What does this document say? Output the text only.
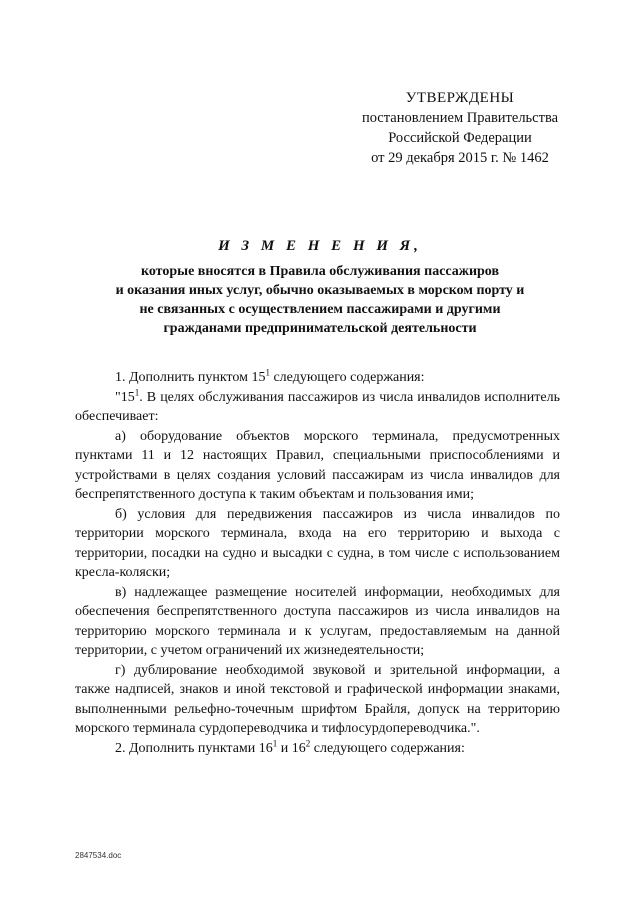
УТВЕРЖДЕНЫ
постановлением Правительства
Российской Федерации
от 29 декабря 2015 г. № 1462
И З М Е Н Е Н И Я,
которые вносятся в Правила обслуживания пассажиров
и оказания иных услуг, обычно оказываемых в морском порту и
не связанных с осуществлением пассажирами и другими
гражданами предпринимательской деятельности

1. Дополнить пунктом $15^1$ следующего содержания:

"$15^1$. В целях обслуживания пассажиров из числа инвалидов исполнитель обеспечивает:

а) оборудование объектов морского терминала, предусмотренных пунктами 11 и 12 настоящих Правил, специальными приспособлениями и устройствами в целях создания условий пассажирам из числа инвалидов для беспрепятственного доступа к таким объектам и пользования ими;

б) условия для передвижения пассажиров из числа инвалидов по территории морского терминала, входа на его территорию и выхода с территории, посадки на судно и высадки с судна, в том числе с использованием кресла-коляски;

в) надлежащее размещение носителей информации, необходимых для обеспечения беспрепятственного доступа пассажиров из числа инвалидов на территорию морского терминала и к услугам, предоставляемым на данной территории, с учетом ограничений их жизнедеятельности;

г) дублирование необходимой звуковой и зрительной информации, а также надписей, знаков и иной текстовой и графической информации знаками, выполненными рельефно-точечным шрифтом Брайля, допуск на территорию морского терминала сурдопереводчика и тифлосурдопереводчика.".

2. Дополнить пунктами $16^1$ и $16^2$ следующего содержания:

2847534.doc
